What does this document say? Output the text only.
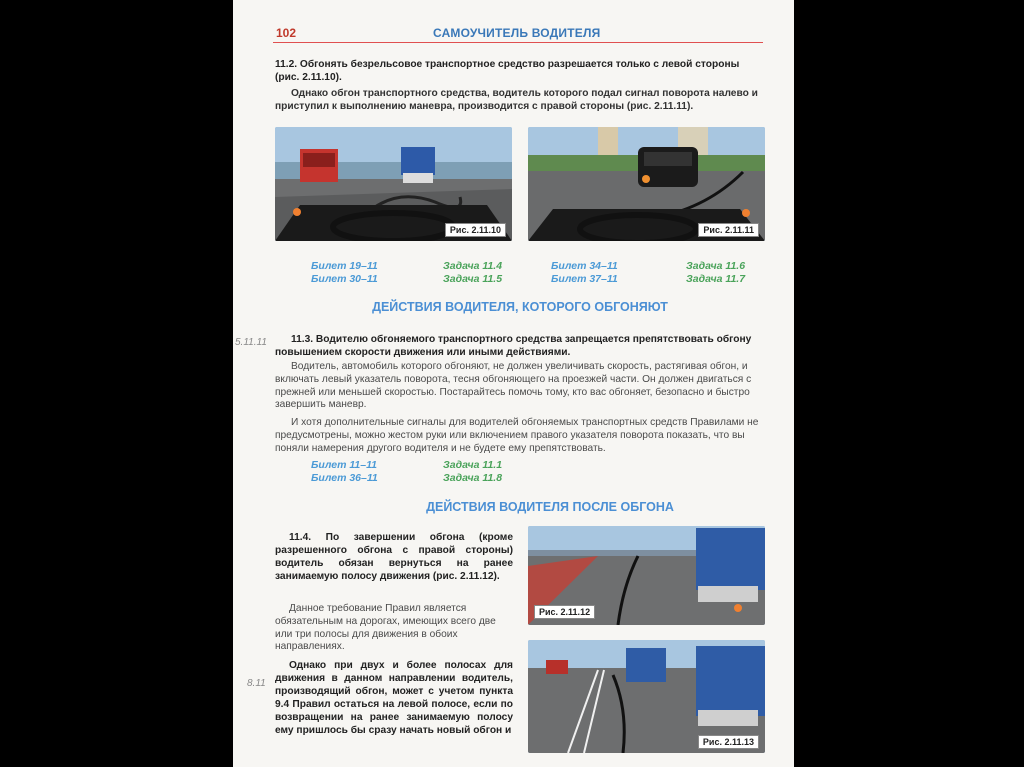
102	САМОУЧИТЕЛЬ ВОДИТЕЛЯ
11.2. Обгонять безрельсовое транспортное средство разрешается только с левой стороны (рис. 2.11.10).
Однако обгон транспортного средства, водитель которого подал сигнал поворота налево и приступил к выполнению маневра, производится с правой стороны (рис. 2.11.11).
Рис. 2.11.10	Рис. 2.11.11
Билет 19–11	Задача 11.4
Билет 30–11	Задача 11.5
Билет 34–11	Задача 11.6
Билет 37–11	Задача 11.7
ДЕЙСТВИЯ ВОДИТЕЛЯ, КОТОРОГО ОБГОНЯЮТ
5.11.11	11.3. Водителю обгоняемого транспортного средства запрещается препятствовать обгону повышением скорости движения или иными действиями.
Водитель, автомобиль которого обгоняют, не должен увеличивать скорость, растягивая обгон, и включать левый указатель поворота, тесня обгоняющего на проезжей части. Он должен двигаться с прежней или меньшей скоростью. Постарайтесь помочь тому, кто вас обгоняет, безопасно и быстро завершить маневр.
И хотя дополнительные сигналы для водителей обгоняемых транспортных средств Правилами не предусмотрены, можно жестом руки или включением правого указателя поворота показать, что вы поняли намерения другого водителя и не будете ему препятствовать.
Билет 11–11	Задача 11.1
Билет 36–11	Задача 11.8
ДЕЙСТВИЯ ВОДИТЕЛЯ ПОСЛЕ ОБГОНА
11.4. По завершении обгона (кроме разрешенного обгона с правой стороны) водитель обязан вернуться на ранее занимаемую полосу движения (рис. 2.11.12).
Данное требование Правил является обязательным на дорогах, имеющих всего две или три полосы для движения в обоих направлениях.
Однако при двух и более полосах для движения в данном направлении водитель, производящий обгон, может с учетом пункта 9.4 Правил остаться на левой полосе, если по возвращении на ранее занимаемую полосу ему пришлось бы сразу начать новый обгон и
8.11
Рис. 2.11.12
Рис. 2.11.13
